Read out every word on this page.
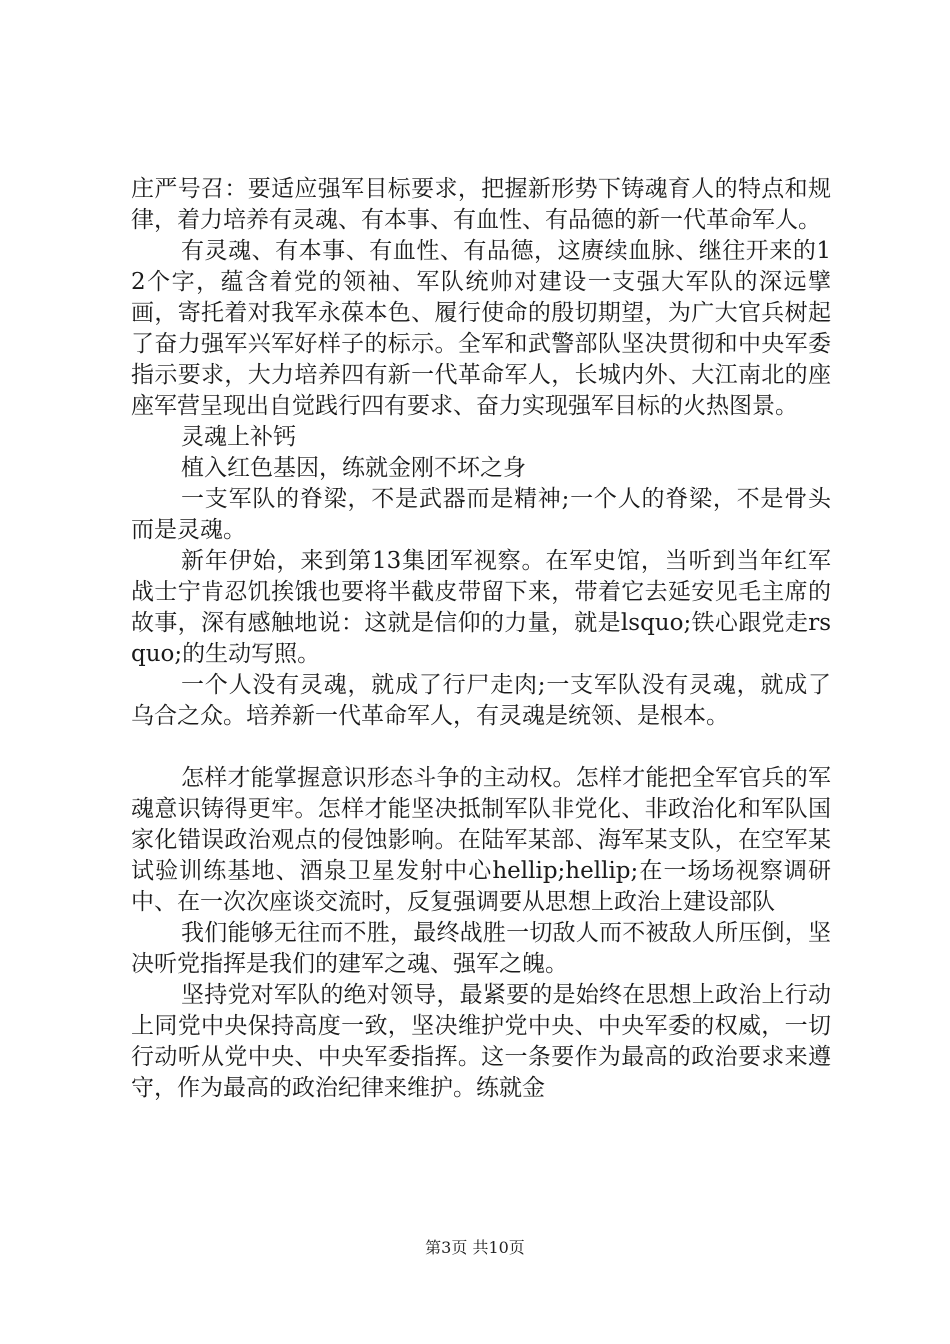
庄严号召：要适应强军目标要求，把握新形势下铸魂育人的特点和规律，着力培养有灵魂、有本事、有血性、有品德的新一代革命军人。

有灵魂、有本事、有血性、有品德，这赓续血脉、继往开来的12个字，蕴含着党的领袖、军队统帅对建设一支强大军队的深远擘画，寄托着对我军永葆本色、履行使命的殷切期望，为广大官兵树起了奋力强军兴军好样子的标示。全军和武警部队坚决贯彻和中央军委指示要求，大力培养四有新一代革命军人，长城内外、大江南北的座座军营呈现出自觉践行四有要求、奋力实现强军目标的火热图景。

灵魂上补钙

植入红色基因，练就金刚不坏之身

一支军队的脊梁，不是武器而是精神;一个人的脊梁，不是骨头而是灵魂。

新年伊始，来到第13集团军视察。在军史馆，当听到当年红军战士宁肯忍饥挨饿也要将半截皮带留下来，带着它去延安见毛主席的故事，深有感触地说：这就是信仰的力量，就是lsquo;铁心跟党走rsquo;的生动写照。

一个人没有灵魂，就成了行尸走肉;一支军队没有灵魂，就成了乌合之众。培养新一代革命军人，有灵魂是统领、是根本。

怎样才能掌握意识形态斗争的主动权。怎样才能把全军官兵的军魂意识铸得更牢。怎样才能坚决抵制军队非党化、非政治化和军队国家化错误政治观点的侵蚀影响。在陆军某部、海军某支队，在空军某试验训练基地、酒泉卫星发射中心hellip;hellip;在一场场视察调研中、在一次次座谈交流时，反复强调要从思想上政治上建设部队

我们能够无往而不胜，最终战胜一切敌人而不被敌人所压倒，坚决听党指挥是我们的建军之魂、强军之魄。

坚持党对军队的绝对领导，最紧要的是始终在思想上政治上行动上同党中央保持高度一致，坚决维护党中央、中央军委的权威，一切行动听从党中央、中央军委指挥。这一条要作为最高的政治要求来遵守，作为最高的政治纪律来维护。练就金

第3页 共10页
